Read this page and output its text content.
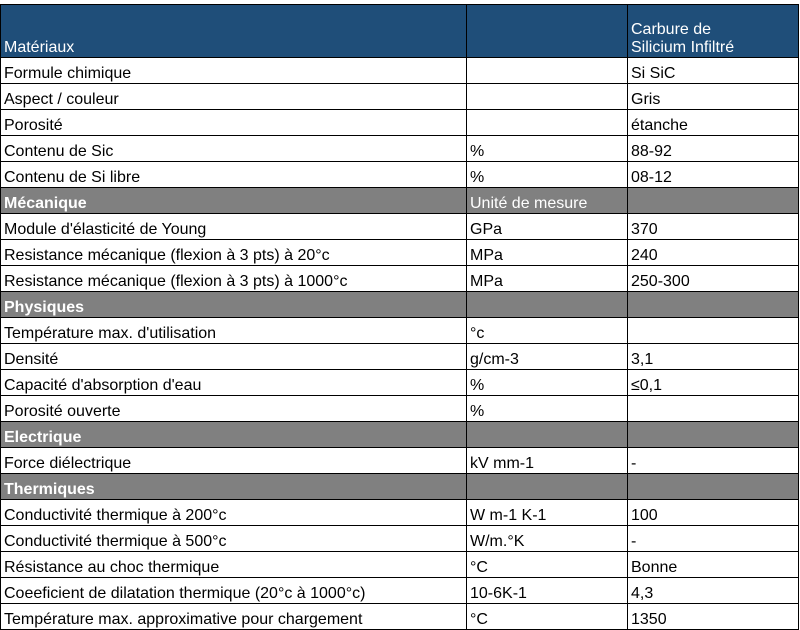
Matériaux		Carbure de
Silicium Infiltré
Formule chimique		Si SiC
Aspect / couleur		Gris
Porosité		étanche
Contenu de Sic	%	88-92
Contenu de Si libre	%	08-12
Mécanique	Unité de mesure	
Module d'élasticité de Young	GPa	370
Resistance mécanique (flexion à 3 pts) à 20°c	MPa	240
Resistance mécanique (flexion à 3 pts) à 1000°c	MPa	250-300
Physiques		
Température max. d'utilisation	°c	
Densité	g/cm-3	3,1
Capacité d'absorption d'eau	%	≤0,1
Porosité ouverte	%	
Electrique		
Force diélectrique	kV mm-1	-
Thermiques		
Conductivité thermique à 200°c	W m-1 K-1	100
Conductivité thermique à 500°c	W/m.°K	-
Résistance au choc thermique	°C	Bonne
Coeeficient de dilatation thermique (20°c à 1000°c)	10-6K-1	4,3
Température max. approximative pour chargement	°C	1350
